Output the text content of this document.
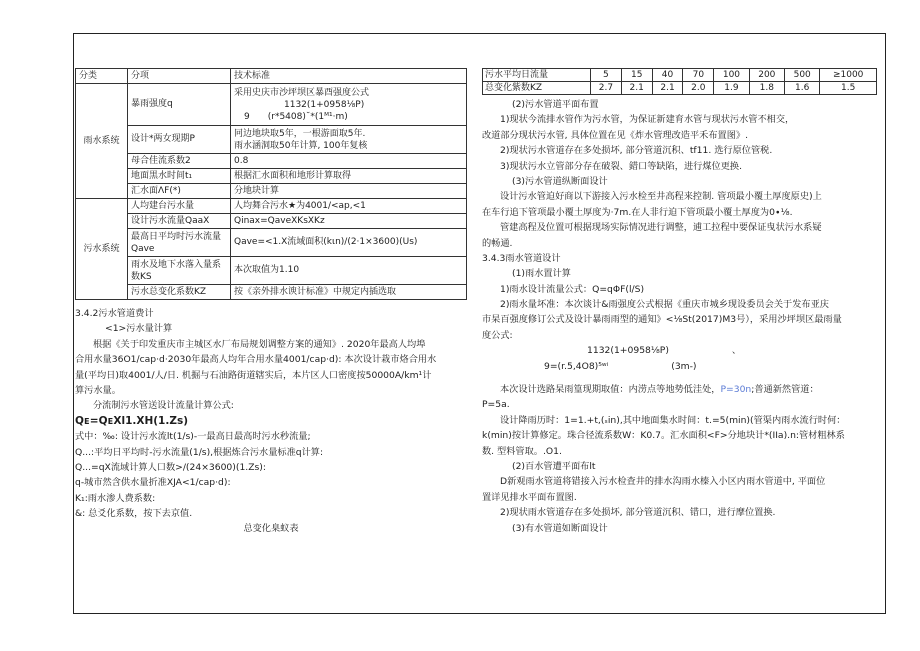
分类	分项	技术标准
雨水系统	暴雨强度q	采用史庆市沙坪坝区暴酉强度公式
1132(1+0958⅛P)
9　　(r*5408)˘*(1ᴹ¹·m)

	设计*两女现期P	冋边地块取5年，一根游面取5年.
雨水涵洞取50年计算, 100年复核

	母合佳流系数2	0.8
	地面黒水时间t₁	根据汇水面积和地形计算取得
	汇水面ΛF(*)	分地块计算
污水系统	人均建台污水量	人均舞合污水★为4001∕<ap,<1
	设计污水流量QaaX	Qinax=QaveXKsXKz
	最高日平均时污水流量Qave	Qave=<1.X流域面积(kιn)/(2·1×3600)(Us)
	雨水及地下水落入量系数KS	本次取值为1.10
	污水总变化系数KZ	按《亲外排水谀计标准》中规定内插选取

3.4.2污水管道费计

<1>污水量计算

根据《关于印发重庆市主城区水厂布局规划调整方案的通知》. 2020年最高人均埠

合用水量36O1∕cap·d·2030年最高人均年合用水量4001∕cap·d): 本次设计栽市烙合用水

量(平均日)取4001∕人/日. 机掘与石油路街道辖实后，本片区人口密度按50000A∕km¹计

算污水量。

分流制污水管送设计流量计算公式:

Qᴇ=QᴇXl1.XH(1.Zs)

式中：‰: 设计污水流lt(1∕s)-一最高日最高时污水秒流量;

Q...:平均日平均时-污水流量(1∕s),根据炼合污水量标准q计算:

Q...=qX流域计算人口数>/(24×3600)(1.Zs):

q-城市然含供水量折准XJA<1∕cap·d):

K₁:雨水渗人费系数:

&: 总爻化系数，按下去京值.

总变化臬蚁表

污水平均日流量	5	15	40	70	100	200	500	≥1000
总变化紫数KZ	2.7	2.1	2.1	2.0	1.9	1.8	1.6	1.5

(2)污水管道平面布置

1)现状今流排水管作为污水管，为保证新建育水管与现状污水管不相交，

改道部分现状污水管, 具体位置在见《炸水管理改造平禾布置图》.

2)现状污水管道存在多处损坏, 部分管道沉积、tf11. 选行原位管税.

3)现状污水立管部分存在破裂、錯口等缺陷，进行煤位更换.

(3)污水管道纵断面设计

设计污水管迫好商以下游接入污水检至井高程来控制. 管项最小覆土厚度原史)上

在车行追下管项最小覆土厚度为·7m.在人非行迫下管项最小覆土厚度为0∙⅛.

管建高程及位置可根据现场实际情况进行调整，逋工拉程中要保证曳状污水系疑

的畅通.

3.4.3雨水管道设计

(1)雨水置计算

1)雨水设计流量公式：Q=qΦF(l∕S)

2)雨水量坏准：本次谈计&雨强度公式根据《重庆市城乡现设委员会关于发布亚庆

市杲百强度修订公式及设计暴雨雨型的通知》<⅛St(2017)M3号），采用沙坪坝区最雨量

度公式:

1132(1+0958⅛P)	、

9=(r.5,4O8)⁵ʷⁱ	(3m-)

本次设计选路杲雨篁现期取值：内涝点等地势低洼处，P=30n;普通新然管道：

P=5a.

设计降雨历时：1=1.+t,(ₛin),其中地面集水时间：t.=5(min)(管渠内雨水流行时何：

k(min)按计算修定。珠合径流系数W：K0.7。汇水面积<F>分地块计*(IIa).n:管材粗林系

数. 型料管取。.O1.

(2)百水管遭平面布lt

D新观雨水管道将错接入污水检査井的排水沟雨水榛入小区内雨水管道中, 平面位

置详见排水平面布置图.

2)现状雨水管道存在多处损坏, 部分管道沉积、错口，进行摩位置换.

(3)有水管道如断面设计
